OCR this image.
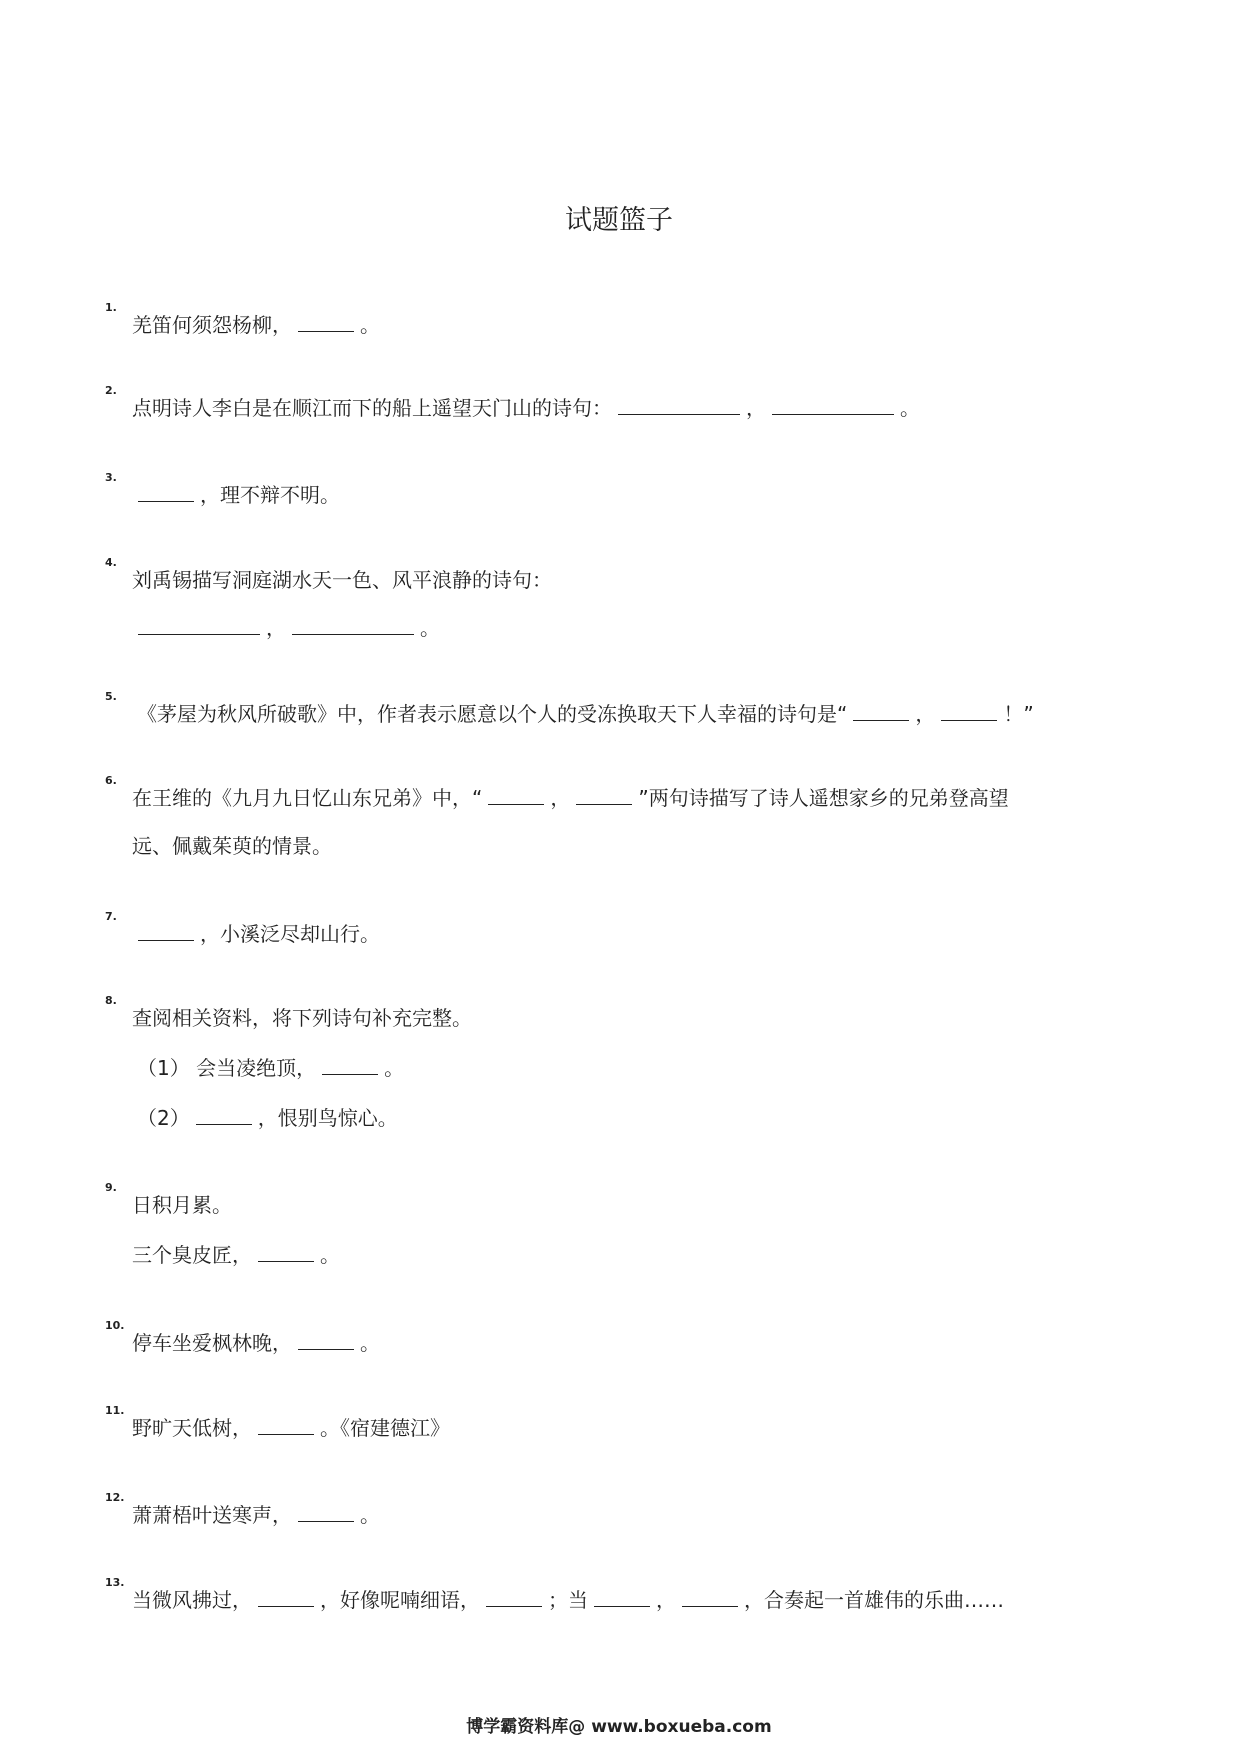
试题篮子
1.
羌笛何须怨杨柳，	。
2.
点明诗人李白是在顺江而下的船上遥望天门山的诗句：	，	。
3.
，理不辩不明。
4.
刘禹锡描写洞庭湖水天一色、风平浪静的诗句：
，	。
5.
《茅屋为秋风所破歌》中，作者表示愿意以个人的受冻换取天下人幸福的诗句是“	，	！”
6.
在王维的《九月九日忆山东兄弟》中，“	，	”两句诗描写了诗人遥想家乡的兄弟登高望
远、佩戴茱萸的情景。
7.
，小溪泛尽却山行。
8.
查阅相关资料，将下列诗句补充完整。
（1） 会当凌绝顶，	。
（2）	，恨别鸟惊心。
9.
日积月累。
三个臭皮匠，	。
10.
停车坐爱枫林晚，	。
11.
野旷天低树，	。《宿建德江》
12.
萧萧梧叶送寒声，	。
13.
当微风拂过，	，好像呢喃细语，	；当	，	，合奏起一首雄伟的乐曲……
博学霸资料库@ www.boxueba.com
